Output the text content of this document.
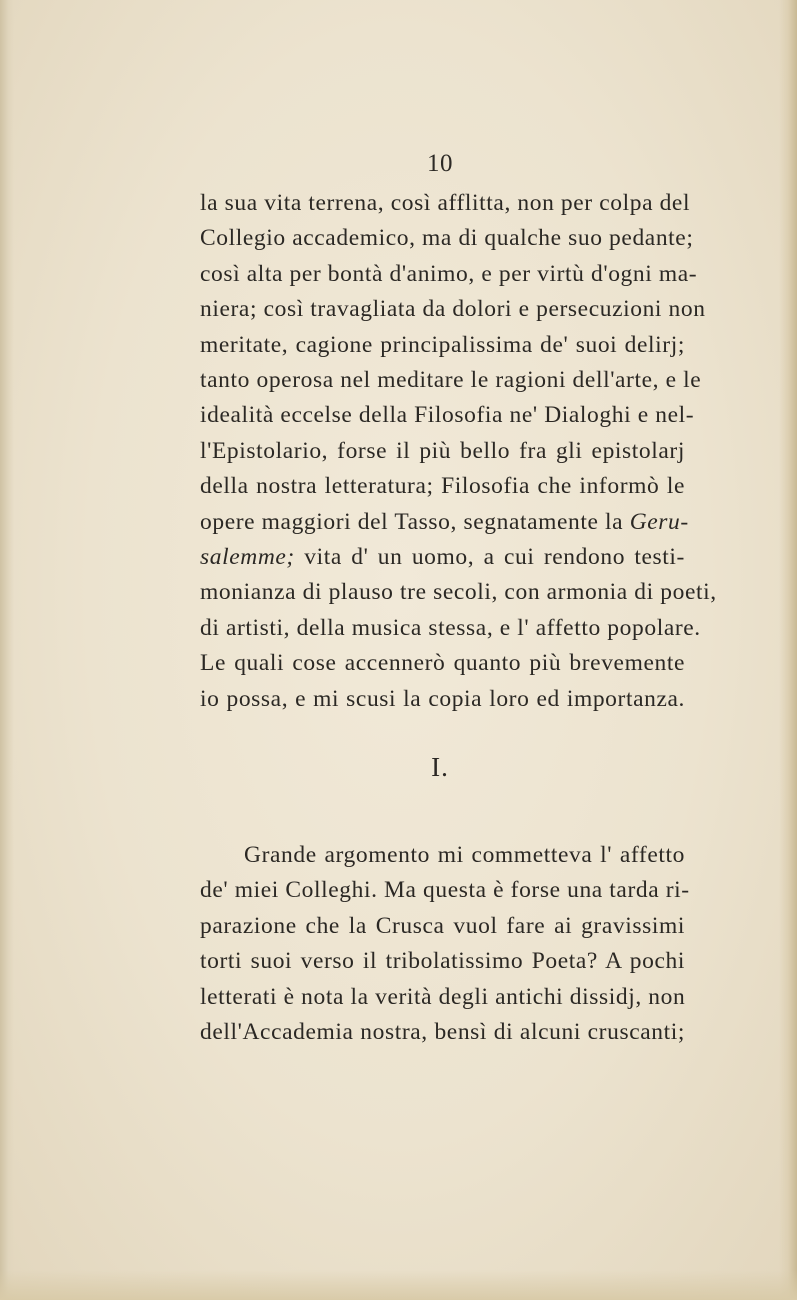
10
la sua vita terrena, così afflitta, non per colpa del
Collegio accademico, ma di qualche suo pedante;
così alta per bontà d'animo, e per virtù d'ogni ma-
niera; così travagliata da dolori e persecuzioni non
meritate, cagione principalissima de' suoi delirj;
tanto operosa nel meditare le ragioni dell'arte, e le
idealità eccelse della Filosofia ne' Dialoghi e nel-
l'Epistolario, forse il più bello fra gli epistolarj
della nostra letteratura; Filosofia che informò le
opere maggiori del Tasso, segnatamente la Geru-
salemme; vita d' un uomo, a cui rendono testi-
monianza di plauso tre secoli, con armonia di poeti,
di artisti, della musica stessa, e l' affetto popolare.
Le quali cose accennerò quanto più brevemente
io possa, e mi scusi la copia loro ed importanza.
I.
Grande argomento mi commetteva l' affetto
de' miei Colleghi. Ma questa è forse una tarda ri-
parazione che la Crusca vuol fare ai gravissimi
torti suoi verso il tribolatissimo Poeta? A pochi
letterati è nota la verità degli antichi dissidj, non
dell'Accademia nostra, bensì di alcuni cruscanti;
